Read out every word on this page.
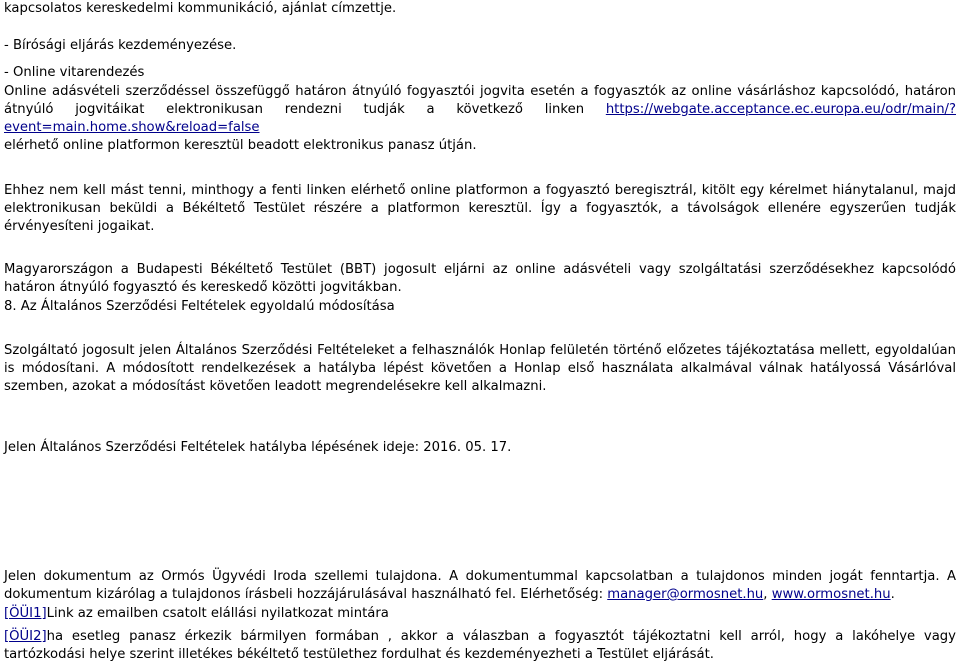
kapcsolatos kereskedelmi kommunikáció, ajánlat címzettje.

- Bírósági eljárás kezdeményezése.

- Online vitarendezés

Online adásvételi szerződéssel összefüggő határon átnyúló fogyasztói jogvita esetén a fogyasztók az online vásárláshoz kapcsolódó, határon átnyúló jogvitáikat elektronikusan rendezni tudják a következő linken https://webgate.acceptance.ec.europa.eu/odr/main/?event=main.home.show&reload=false

elérhető online platformon keresztül beadott elektronikus panasz útján.

Ehhez nem kell mást tenni, minthogy a fenti linken elérhető online platformon a fogyasztó beregisztrál, kitölt egy kérelmet hiánytalanul, majd elektronikusan beküldi a Békéltető Testület részére a platformon keresztül. Így a fogyasztók, a távolságok ellenére egyszerűen tudják érvényesíteni jogaikat.

Magyarországon a Budapesti Békéltető Testület (BBT) jogosult eljárni az online adásvételi vagy szolgáltatási szerződésekhez kapcsolódó határon átnyúló fogyasztó és kereskedő közötti jogvitákban.

8. Az Általános Szerződési Feltételek egyoldalú módosítása

Szolgáltató jogosult jelen Általános Szerződési Feltételeket a felhasználók Honlap felületén történő előzetes tájékoztatása mellett, egyoldalúan is módosítani. A módosított rendelkezések a hatályba lépést követően a Honlap első használata alkalmával válnak hatályossá Vásárlóval szemben, azokat a módosítást követően leadott megrendelésekre kell alkalmazni.

Jelen Általános Szerződési Feltételek hatályba lépésének ideje: 2016. 05. 17.

Jelen dokumentum az Ormós Ügyvédi Iroda szellemi tulajdona. A dokumentummal kapcsolatban a tulajdonos minden jogát fenntartja. A dokumentum kizárólag a tulajdonos írásbeli hozzájárulásával használható fel. Elérhetőség: manager@ormosnet.hu, www.ormosnet.hu.

[ÖÜI1]Link az emailben csatolt elállási nyilatkozat mintára

[ÖÜI2]ha esetleg panasz érkezik bármilyen formában , akkor a válaszban a fogyasztót tájékoztatni kell arról, hogy a lakóhelye vagy tartózkodási helye szerint illetékes békéltető testülethez fordulhat és kezdeményezheti a Testület eljárását.
